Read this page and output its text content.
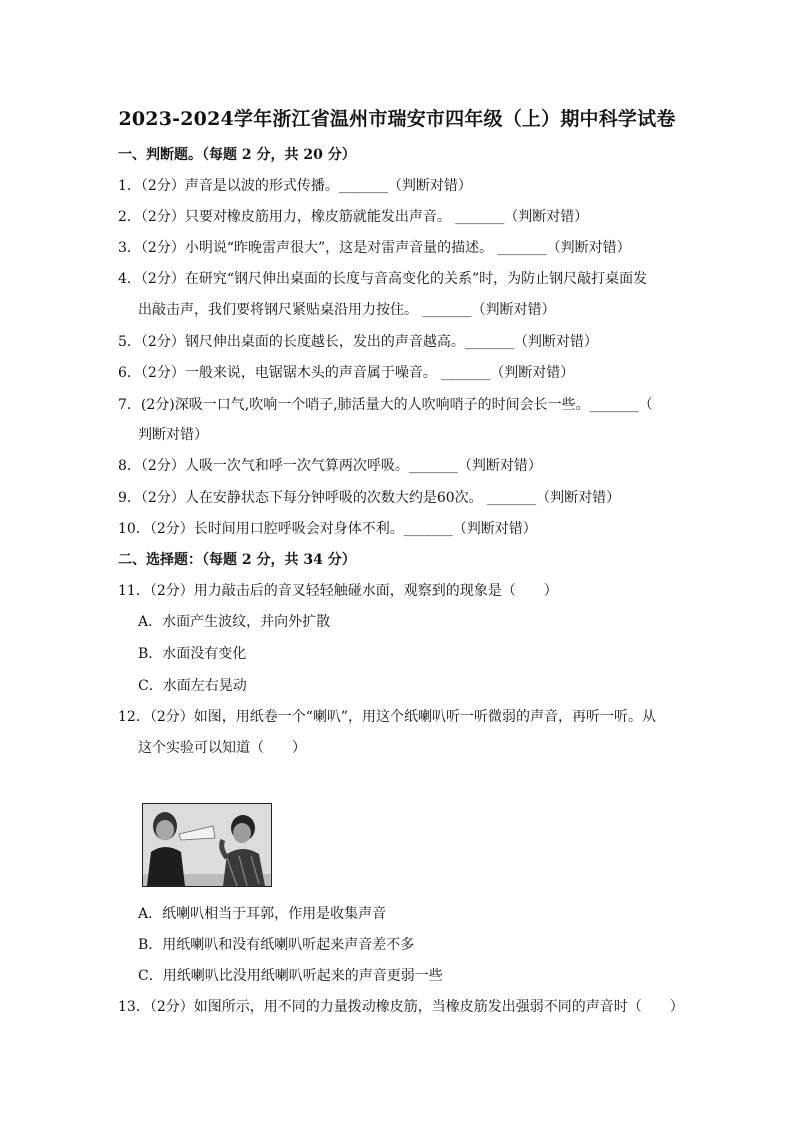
2023-2024学年浙江省温州市瑞安市四年级（上）期中科学试卷
一、判断题。（每题 2 分，共 20 分）
1．（2分）声音是以波的形式传播。_______（判断对错）
2．（2分）只要对橡皮筋用力，橡皮筋就能发出声音。 _______（判断对错）
3．（2分）小明说“昨晚雷声很大”，这是对雷声音量的描述。 _______（判断对错）
4．（2分）在研究“钢尺伸出桌面的长度与音高变化的关系”时，为防止钢尺敲打桌面发
出敲击声，我们要将钢尺紧贴桌沿用力按住。 _______（判断对错）
5．（2分）钢尺伸出桌面的长度越长，发出的声音越高。_______（判断对错）
6．（2分）一般来说，电锯锯木头的声音属于噪音。 _______（判断对错）
7．(2分)深吸一口气,吹响一个哨子,肺活量大的人吹响哨子的时间会长一些。_______（
判断对错）
8．（2分）人吸一次气和呼一次气算两次呼吸。_______（判断对错）
9．（2分）人在安静状态下每分钟呼吸的次数大约是60次。 _______（判断对错）
10．（2分）长时间用口腔呼吸会对身体不利。_______（判断对错）
二、选择题：（每题 2 分，共 34 分）
11．（2分）用力敲击后的音叉轻轻触碰水面，观察到的现象是（　　）
A．水面产生波纹，并向外扩散
B．水面没有变化
C．水面左右晃动
12．（2分）如图，用纸卷一个“喇叭”，用这个纸喇叭听一听微弱的声音，再听一听。从
这个实验可以知道（　　）
A．纸喇叭相当于耳郭，作用是收集声音
B．用纸喇叭和没有纸喇叭听起来声音差不多
C．用纸喇叭比没用纸喇叭听起来的声音更弱一些
13．（2分）如图所示，用不同的力量拨动橡皮筋，当橡皮筋发出强弱不同的声音时（　　）
